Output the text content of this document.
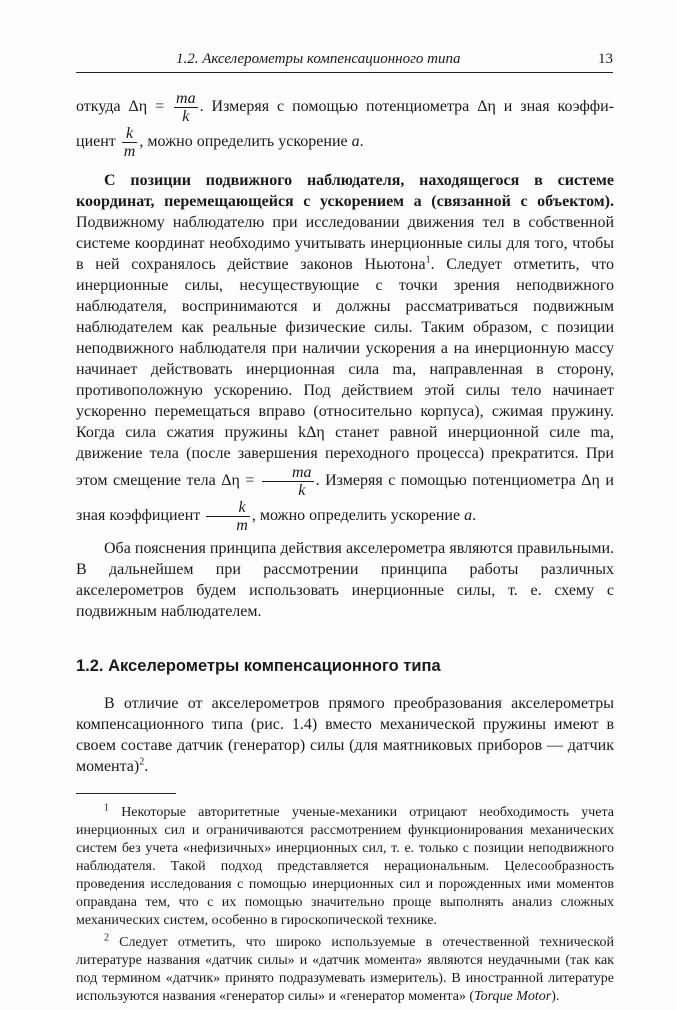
1.2. Акселерометры компенсационного типа	13

откуда $\Delta\eta = \frac{ma}{k}$ . Измеряя с помощью потенциометра Δη и зная коэффи- циент $\frac{k}{m}$ , можно определить ускорение a.

С позиции подвижного наблюдателя, находящегося в системе координат, перемещающейся с ускорением a (связанной с объектом). Подвижному наблюдателю при исследовании движения тел в собственной системе координат необходимо учитывать инерционные силы для того, чтобы в ней сохранялось действие законов Ньютона$^1$. Следует отметить, что инерционные силы, несуществующие с точки зрения неподвижного наблюдателя, воспринимаются и должны рассматриваться подвижным наблюдателем как реальные физические силы. Таким образом, с позиции неподвижного наблюдателя при наличии ускорения a на инерционную массу начинает действовать инерционная сила ma, направленная в сторону, противоположную ускорению. Под действием этой силы тело начинает ускоренно перемещаться вправо (относительно корпуса), сжимая пружину. Когда сила сжатия пружины kΔη станет равной инерционной силе ma, движение тела (после завершения переходного процесса) прекратится. При этом смещение тела $\Delta\eta = \frac{ma}{k}$ . Измеряя с помощью потенциометра Δη и зная коэффициент $\frac{k}{m}$ , можно определить ускорение a.

Оба пояснения принципа действия акселерометра являются правильными. В дальнейшем при рассмотрении принципа работы различных акселерометров будем использовать инерционные силы, т. е. схему с подвижным наблюдателем.

1.2. Акселерометры компенсационного типа

В отличие от акселерометров прямого преобразования акселерометры компенсационного типа (рис. 1.4) вместо механической пружины имеют в своем составе датчик (генератор) силы (для маятниковых приборов — датчик момента)$^2$.

$^1$ Некоторые авторитетные ученые-механики отрицают необходимость учета инерционных сил и ограничиваются рассмотрением функционирования механических систем без учета «нефизичных» инерционных сил, т. е. только с позиции неподвижного наблюдателя. Такой подход представляется нерациональным. Целесообразность проведения исследования с помощью инерционных сил и порожденных ими моментов оправдана тем, что с их помощью значительно проще выполнять анализ сложных механических систем, особенно в гироскопической технике.

$^2$ Следует отметить, что широко используемые в отечественной технической литературе названия «датчик силы» и «датчик момента» являются неудачными (так как под термином «датчик» принято подразумевать измеритель). В иностранной литературе используются названия «генератор силы» и «генератор момента» (Torque Motor).
